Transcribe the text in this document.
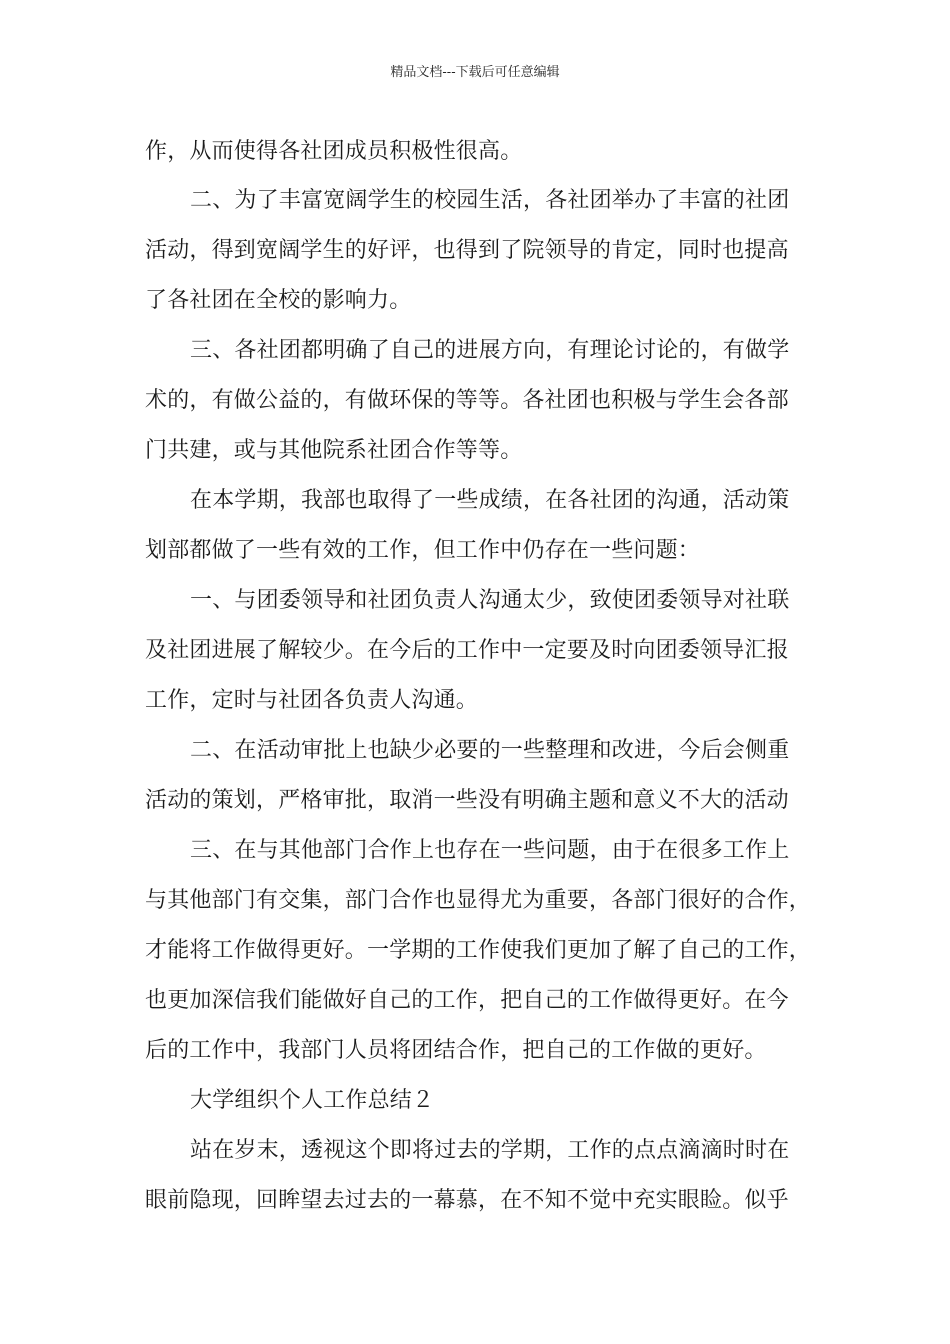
精品文档---下载后可任意编辑
作，从而使得各社团成员积极性很高。
二、为了丰富宽阔学生的校园生活，各社团举办了丰富的社团
活动，得到宽阔学生的好评，也得到了院领导的肯定，同时也提高
了各社团在全校的影响力。
三、各社团都明确了自己的进展方向，有理论讨论的，有做学
术的，有做公益的，有做环保的等等。各社团也积极与学生会各部
门共建，或与其他院系社团合作等等。
在本学期，我部也取得了一些成绩，在各社团的沟通，活动策
划部都做了一些有效的工作，但工作中仍存在一些问题：
一、与团委领导和社团负责人沟通太少，致使团委领导对社联
及社团进展了解较少。在今后的工作中一定要及时向团委领导汇报
工作，定时与社团各负责人沟通。
二、在活动审批上也缺少必要的一些整理和改进，今后会侧重
活动的策划，严格审批，取消一些没有明确主题和意义不大的活动
三、在与其他部门合作上也存在一些问题，由于在很多工作上
与其他部门有交集，部门合作也显得尤为重要，各部门很好的合作，
才能将工作做得更好。一学期的工作使我们更加了解了自己的工作，
也更加深信我们能做好自己的工作，把自己的工作做得更好。在今
后的工作中，我部门人员将团结合作，把自己的工作做的更好。
大学组织个人工作总结２
站在岁末，透视这个即将过去的学期，工作的点点滴滴时时在
眼前隐现，回眸望去过去的一幕慕，在不知不觉中充实眼睑。似乎
